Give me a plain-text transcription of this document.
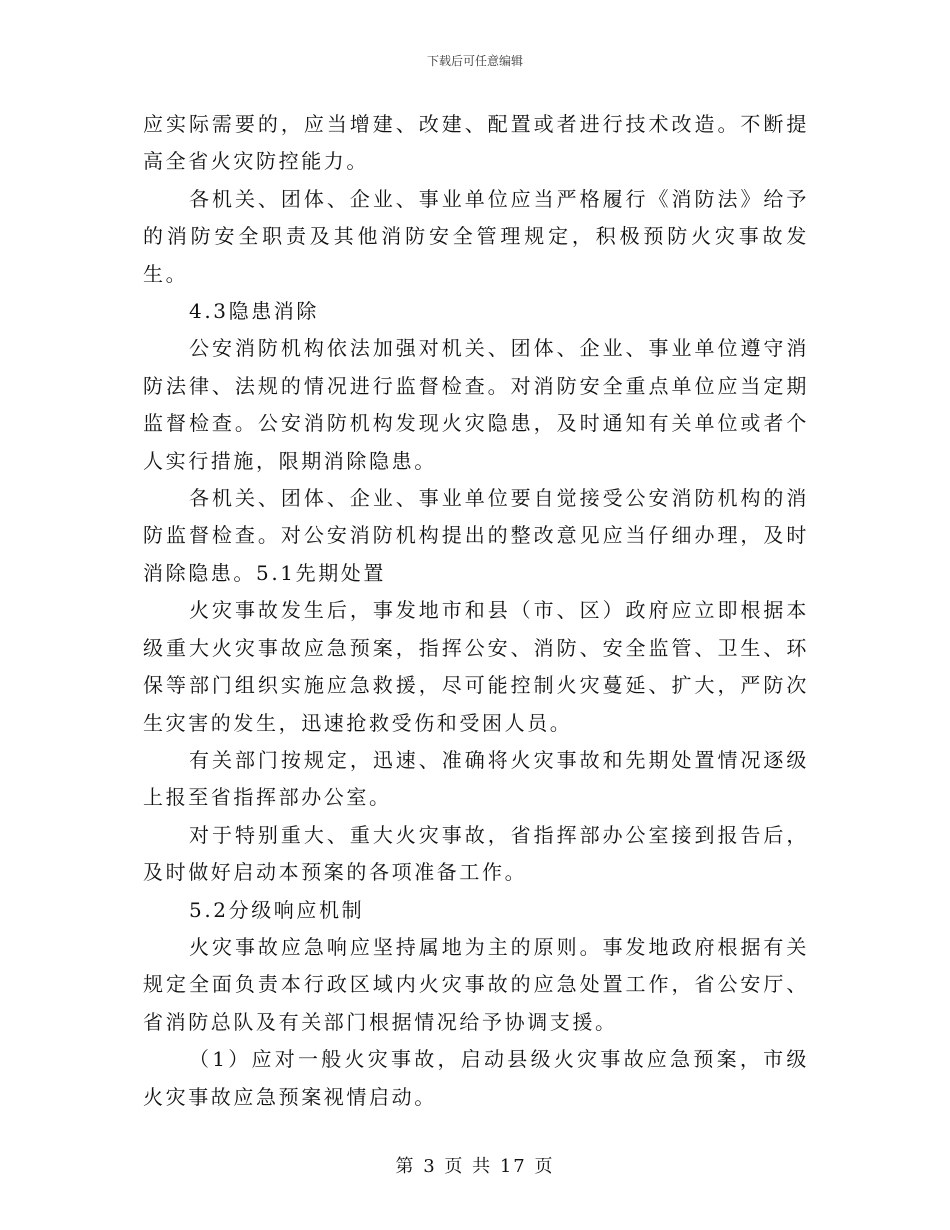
下载后可任意编辑

应实际需要的，应当增建、改建、配置或者进行技术改造。不断提高全省火灾防控能力。

各机关、团体、企业、事业单位应当严格履行《消防法》给予的消防安全职责及其他消防安全管理规定，积极预防火灾事故发生。

4.3隐患消除

公安消防机构依法加强对机关、团体、企业、事业单位遵守消防法律、法规的情况进行监督检查。对消防安全重点单位应当定期监督检查。公安消防机构发现火灾隐患，及时通知有关单位或者个人实行措施，限期消除隐患。

各机关、团体、企业、事业单位要自觉接受公安消防机构的消防监督检查。对公安消防机构提出的整改意见应当仔细办理，及时消除隐患。5.1先期处置

火灾事故发生后，事发地市和县（市、区）政府应立即根据本级重大火灾事故应急预案，指挥公安、消防、安全监管、卫生、环保等部门组织实施应急救援，尽可能控制火灾蔓延、扩大，严防次生灾害的发生，迅速抢救受伤和受困人员。

有关部门按规定，迅速、准确将火灾事故和先期处置情况逐级上报至省指挥部办公室。

对于特别重大、重大火灾事故，省指挥部办公室接到报告后，及时做好启动本预案的各项准备工作。

5.2分级响应机制

火灾事故应急响应坚持属地为主的原则。事发地政府根据有关规定全面负责本行政区域内火灾事故的应急处置工作，省公安厅、省消防总队及有关部门根据情况给予协调支援。

（1）应对一般火灾事故，启动县级火灾事故应急预案，市级火灾事故应急预案视情启动。

第 3 页 共 17 页
